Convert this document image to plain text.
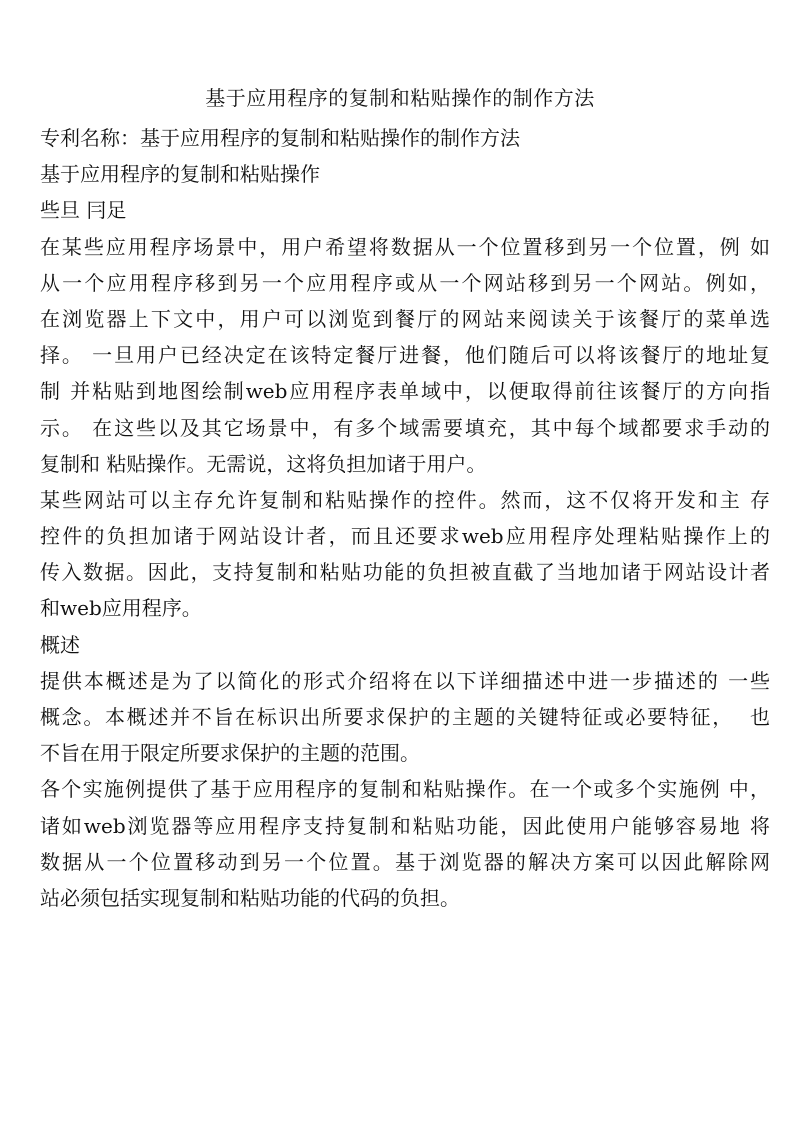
基于应用程序的复制和粘贴操作的制作方法
专利名称：基于应用程序的复制和粘贴操作的制作方法
基于应用程序的复制和粘贴操作
些旦 冃足
在某些应用程序场景中，用户希望将数据从一个位置移到另一个位置，例 如
从一个应用程序移到另一个应用程序或从一个网站移到另一个网站。例如，
在浏览器上下文中，用户可以浏览到餐厅的网站来阅读关于该餐厅的菜单选
择。 一旦用户已经决定在该特定餐厅进餐，他们随后可以将该餐厅的地址复
制 并粘贴到地图绘制web应用程序表单域中，以便取得前往该餐厅的方向指
示。 在这些以及其它场景中，有多个域需要填充，其中每个域都要求手动的
复制和 粘贴操作。无需说，这将负担加诸于用户。
某些网站可以主存允许复制和粘贴操作的控件。然而，这不仅将开发和主 存
控件的负担加诸于网站设计者，而且还要求web应用程序处理粘贴操作上的
传入数据。因此，支持复制和粘贴功能的负担被直截了当地加诸于网站设计者
和web应用程序。
概述
提供本概述是为了以简化的形式介绍将在以下详细描述中进一步描述的 一些
概念。本概述并不旨在标识出所要求保护的主题的关键特征或必要特征，  也
不旨在用于限定所要求保护的主题的范围。
各个实施例提供了基于应用程序的复制和粘贴操作。在一个或多个实施例 中，
诸如web浏览器等应用程序支持复制和粘贴功能，因此使用户能够容易地 将
数据从一个位置移动到另一个位置。基于浏览器的解决方案可以因此解除网
站必须包括实现复制和粘贴功能的代码的负担。
